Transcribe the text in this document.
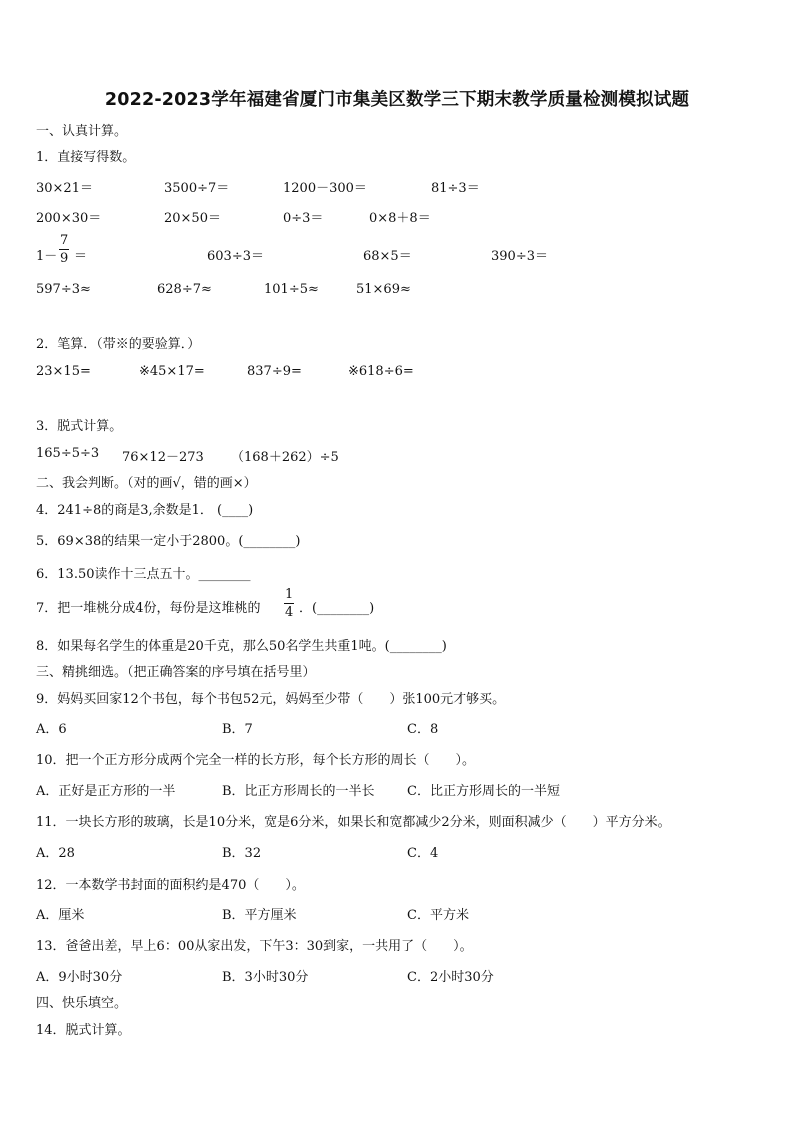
2022-2023学年福建省厦门市集美区数学三下期末教学质量检测模拟试题
一、认真计算。
1．直接写得数。
30×21＝	3500÷7＝	1200－300＝	81÷3＝
200×30＝	20×50＝	0÷3＝	0×8＋8＝
$1- \frac{7}{9}$ ＝	603÷3＝	68×5＝	390÷3＝
597÷3≈	628÷7≈	101÷5≈	51×69≈
2．笔算．（带※的要验算．）
23×15=	※45×17=	837÷9=	※618÷6=
3．脱式计算。
165÷5÷3 76×12－273 （168＋262）÷5
二、我会判断。（对的画√，错的画×）
4．241÷8的商是3,余数是1． (____)
5．69×38的结果一定小于2800。(________)
6．13.50读作十三点五十。________
7．把一堆桃分成4份，每份是这堆桃的 $\frac{1}{4}$ ．(________)
8．如果每名学生的体重是20千克，那么50名学生共重1吨。(________)
三、精挑细选。（把正确答案的序号填在括号里）
9．妈妈买回家12个书包，每个书包52元，妈妈至少带（　　）张100元才够买。
A．6	B．7	C．8
10．把一个正方形分成两个完全一样的长方形，每个长方形的周长（　　）。
A．正好是正方形的一半	B．比正方形周长的一半长 C．比正方形周长的一半短
11．一块长方形的玻璃，长是10分米，宽是6分米，如果长和宽都减少2分米，则面积减少（　　）平方分米。
A．28	B．32	C．4
12．一本数学书封面的面积约是470（　　）。
A．厘米	B．平方厘米	C．平方米
13．爸爸出差，早上6：00从家出发，下午3：30到家，一共用了（　　）。
A．9小时30分	B．3小时30分	C．2小时30分
四、快乐填空。
14．脱式计算。
